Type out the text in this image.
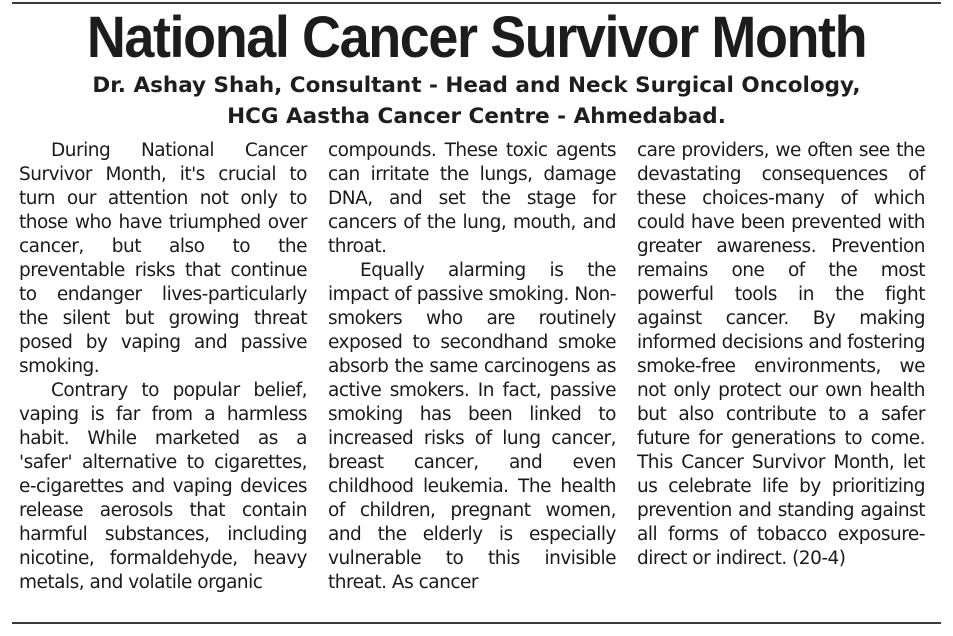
National Cancer Survivor Month
Dr. Ashay Shah, Consultant - Head and Neck Surgical Oncology,
HCG Aastha Cancer Centre - Ahmedabad.

During National Cancer Survivor Month, it's crucial to turn our attention not only to those who have triumphed over cancer, but also to the preventable risks that continue to endanger lives-particularly the silent but growing threat posed by vaping and passive smoking.

Contrary to popular belief, vaping is far from a harmless habit. While marketed as a 'safer' alternative to cigarettes, e-cigarettes and vaping devices release aerosols that contain harmful substances, including nicotine, formaldehyde, heavy metals, and volatile organic

compounds. These toxic agents can irritate the lungs, damage DNA, and set the stage for cancers of the lung, mouth, and throat.

Equally alarming is the impact of passive smoking. Non-smokers who are routinely exposed to secondhand smoke absorb the same carcinogens as active smokers. In fact, passive smoking has been linked to increased risks of lung cancer, breast cancer, and even childhood leukemia. The health of children, pregnant women, and the elderly is especially vulnerable to this invisible threat. As cancer

care providers, we often see the devastating consequences of these choices-many of which could have been prevented with greater awareness. Prevention remains one of the most powerful tools in the fight against cancer. By making informed decisions and fostering smoke-free environments, we not only protect our own health but also contribute to a safer future for generations to come. This Cancer Survivor Month, let us celebrate life by prioritizing prevention and standing against all forms of tobacco exposure-direct or indirect. (20-4)
